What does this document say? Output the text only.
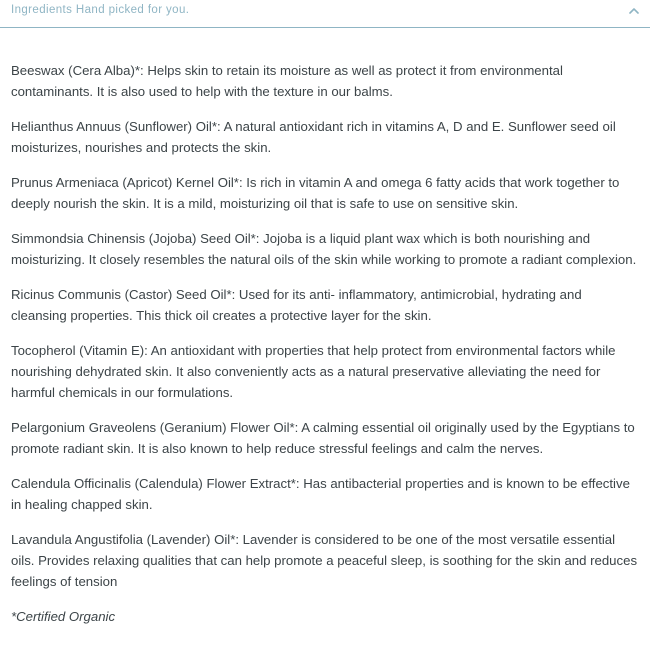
Ingredients Hand picked for you.

Beeswax (Cera Alba)*: Helps skin to retain its moisture as well as protect it from environmental contaminants. It is also used to help with the texture in our balms.

Helianthus Annuus (Sunflower) Oil*: A natural antioxidant rich in vitamins A, D and E. Sunflower seed oil moisturizes, nourishes and protects the skin.

Prunus Armeniaca (Apricot) Kernel Oil*: Is rich in vitamin A and omega 6 fatty acids that work together to deeply nourish the skin. It is a mild, moisturizing oil that is safe to use on sensitive skin.

Simmondsia Chinensis (Jojoba) Seed Oil*: Jojoba is a liquid plant wax which is both nourishing and moisturizing. It closely resembles the natural oils of the skin while working to promote a radiant complexion.

Ricinus Communis (Castor) Seed Oil*: Used for its anti- inflammatory, antimicrobial, hydrating and cleansing properties. This thick oil creates a protective layer for the skin.

Tocopherol (Vitamin E): An antioxidant with properties that help protect from environmental factors while nourishing dehydrated skin. It also conveniently acts as a natural preservative alleviating the need for harmful chemicals in our formulations.

Pelargonium Graveolens (Geranium) Flower Oil*: A calming essential oil originally used by the Egyptians to promote radiant skin. It is also known to help reduce stressful feelings and calm the nerves.

Calendula Officinalis (Calendula) Flower Extract*: Has antibacterial properties and is known to be effective in healing chapped skin.

Lavandula Angustifolia (Lavender) Oil*: Lavender is considered to be one of the most versatile essential oils. Provides relaxing qualities that can help promote a peaceful sleep, is soothing for the skin and reduces feelings of tension

*Certified Organic
